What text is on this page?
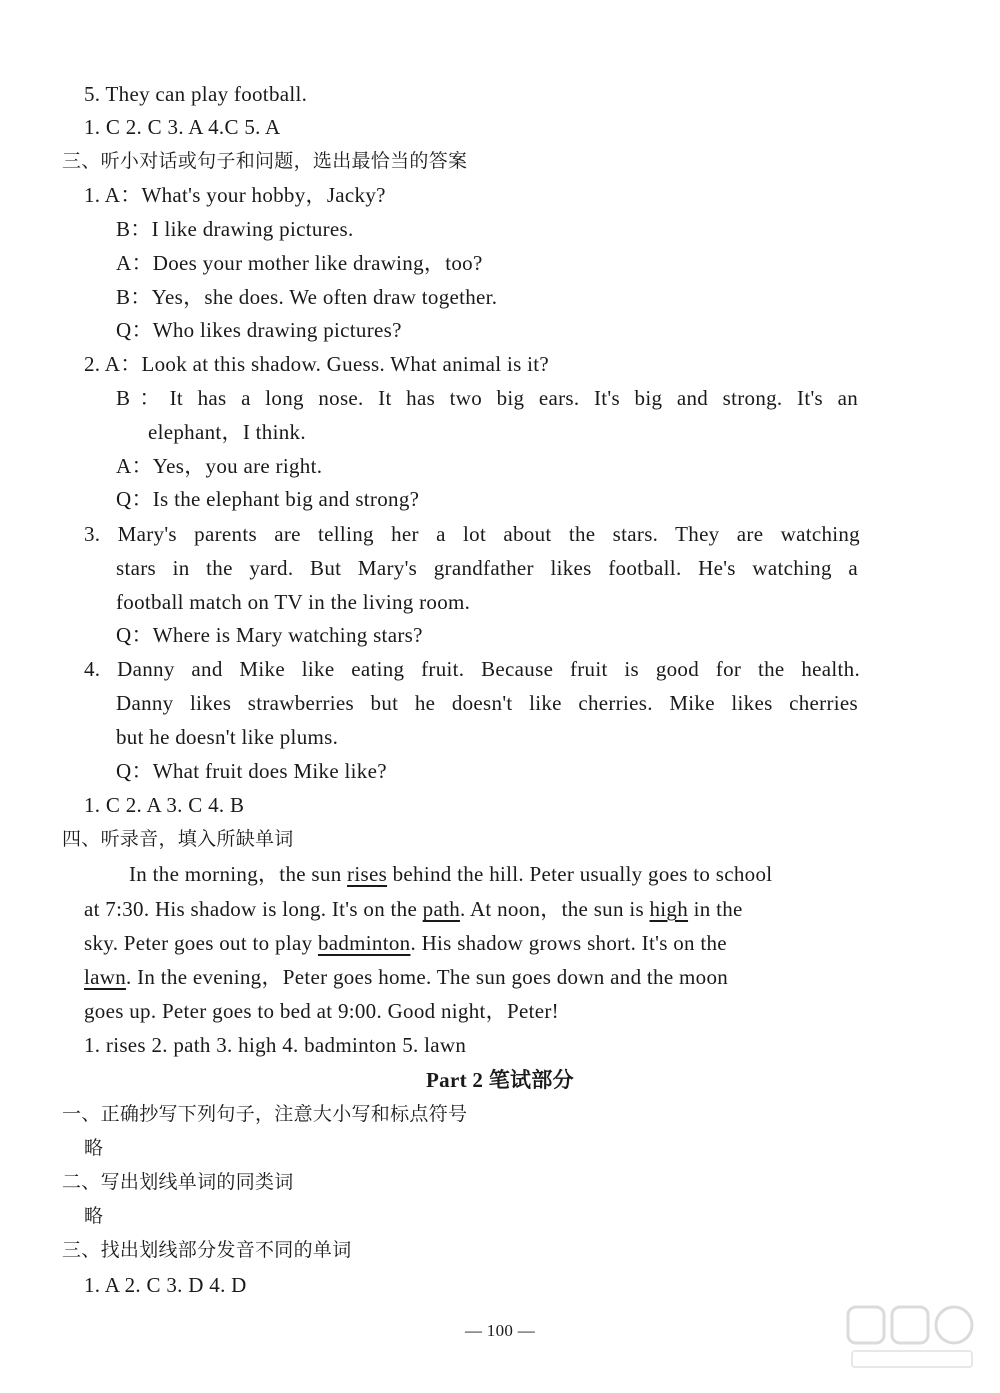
5. They can play football.
1. C 2. C 3. A 4.C 5. A
三、听小对话或句子和问题，选出最恰当的答案
1. A：What's your hobby，Jacky?
B：I like drawing pictures.
A：Does your mother like drawing，too?
B：Yes，she does. We often draw together.
Q：Who likes drawing pictures?
2. A：Look at this shadow. Guess. What animal is it?
B：It has a long nose. It has two big ears. It's big and strong. It's an
elephant，I think.
A：Yes，you are right.
Q：Is the elephant big and strong?
3. Mary's parents are telling her a lot about the stars. They are watching
stars in the yard. But Mary's grandfather likes football. He's watching a
football match on TV in the living room.
Q：Where is Mary watching stars?
4. Danny and Mike like eating fruit. Because fruit is good for the health.
Danny likes strawberries but he doesn't like cherries. Mike likes cherries
but he doesn't like plums.
Q：What fruit does Mike like?
1. C 2. A 3. C 4. B
四、听录音，填入所缺单词
In the morning，the sun rises behind the hill. Peter usually goes to school
at 7:30. His shadow is long. It's on the path. At noon，the sun is high in the
sky. Peter goes out to play badminton. His shadow grows short. It's on the
lawn. In the evening，Peter goes home. The sun goes down and the moon
goes up. Peter goes to bed at 9:00. Good night，Peter!
1. rises 2. path 3. high 4. badminton 5. lawn
Part 2 笔试部分
一、正确抄写下列句子，注意大小写和标点符号
略
二、写出划线单词的同类词
略
三、找出划线部分发音不同的单词
1. A 2. C 3. D 4. D
— 100 —
